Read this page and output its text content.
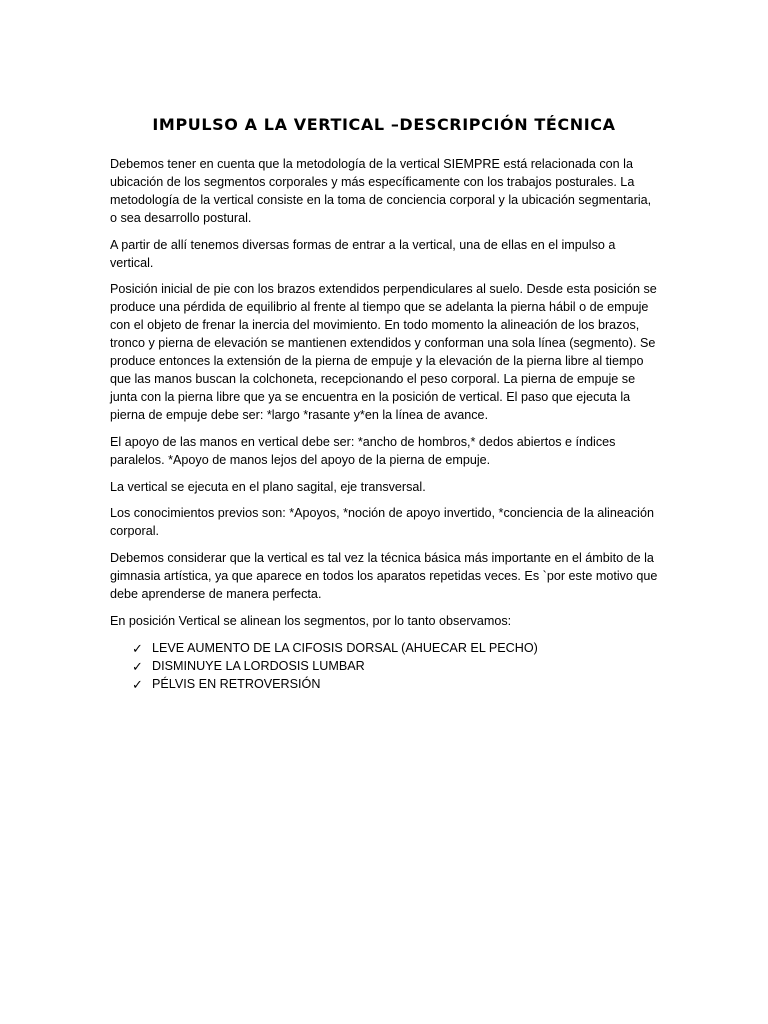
IMPULSO A LA VERTICAL –DESCRIPCIÓN TÉCNICA

Debemos tener en cuenta que la metodología de la vertical SIEMPRE está relacionada con la ubicación de los segmentos corporales y más específicamente con los trabajos posturales. La metodología de la vertical consiste en la toma de conciencia corporal y la ubicación segmentaria, o sea desarrollo postural.

A partir de allí tenemos diversas formas de entrar a la vertical, una de ellas en el impulso a vertical.

Posición inicial de pie con los brazos extendidos perpendiculares al suelo. Desde esta posición se produce una pérdida de equilibrio al frente al tiempo que se adelanta la pierna hábil o de empuje con el objeto de frenar la inercia del movimiento. En todo momento la alineación de los brazos, tronco y pierna de elevación se mantienen extendidos y conforman una sola línea (segmento). Se produce entonces la extensión de la pierna de empuje y la elevación de la pierna libre al tiempo que las manos buscan la colchoneta, recepcionando el peso corporal. La pierna de empuje se junta con la pierna libre que ya se encuentra en la posición de vertical. El paso que ejecuta la pierna de empuje debe ser: *largo *rasante y*en la línea de avance.

El apoyo de las manos en vertical debe ser: *ancho de hombros,* dedos abiertos e índices paralelos. *Apoyo de manos lejos del apoyo de la pierna de empuje.

La vertical se ejecuta en el plano sagital, eje transversal.

Los conocimientos previos son: *Apoyos, *noción de apoyo invertido, *conciencia de la alineación corporal.

Debemos considerar que la vertical es tal vez la técnica básica más importante en el ámbito de la gimnasia artística, ya que aparece en todos los aparatos repetidas veces. Es `por este motivo que debe aprenderse de manera perfecta.

En posición Vertical se alinean los segmentos, por lo tanto observamos:

✓ LEVE AUMENTO DE LA CIFOSIS DORSAL (AHUECAR EL PECHO)
✓ DISMINUYE LA LORDOSIS LUMBAR
✓ PÉLVIS EN RETROVERSIÓN
